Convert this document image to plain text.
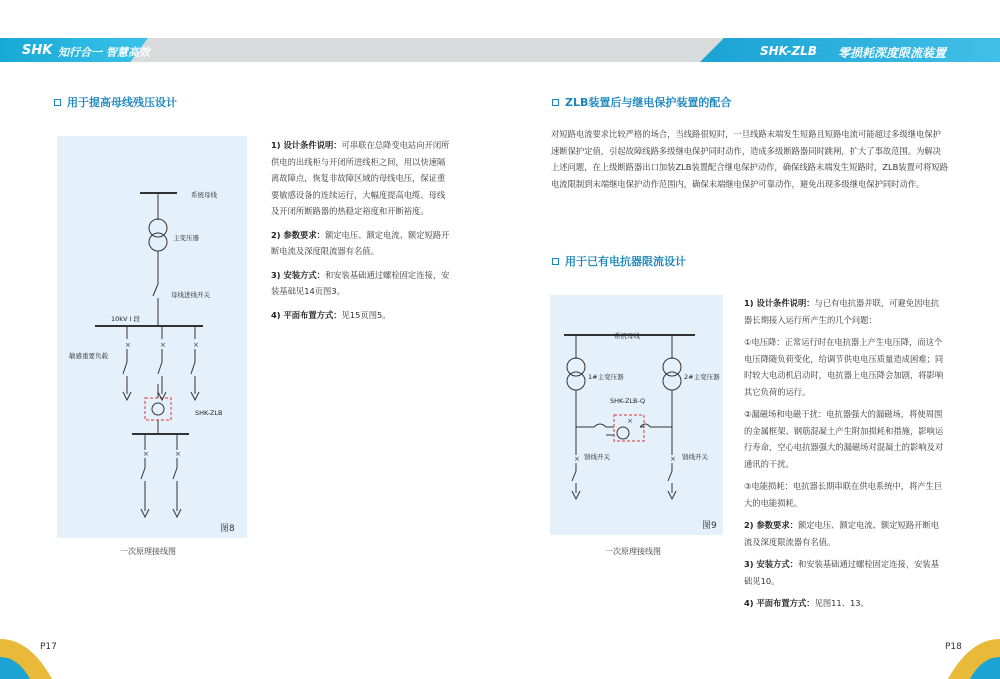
SHK 知行合一 智慧高效	SHK-ZLB 零损耗深度限流装置
用于提高母线残压设计
×	×	×
×	×
系统母线
主变压器
母线进线开关
10kV I 段
敏感重要负载
SHK-ZLB
图8
一次原理接线图
1) 设计条件说明：可串联在总降变电站向开闭所供电的出线柜与开闭所进线柜之间，用以快速隔离故障点，恢复非故障区域的母线电压，保证重要敏感设备的连续运行，大幅度提高电缆、母线及开闭所断路器的热稳定裕度和开断裕度。
2) 参数要求：额定电压、额定电流、额定短路开断电流及深度限流器有名值。
3) 安装方式：和安装基础通过螺栓固定连接，安装基础见14页图3。
4) 平面布置方式：见15页图5。
P17	P18
ZLB装置后与继电保护装置的配合
对短路电流要求比较严格的场合，当线路很短时，一旦线路末端发生短路且短路电流可能超过多级继电保护速断保护定值，引起故障线路多级继电保护同时动作，造成多级断路器同时跳闸，扩大了事故范围。为解决上述问题，在上级断路器出口加装ZLB装置配合继电保护动作，确保线路末端发生短路时，ZLB装置可将短路电流限制到末端继电保护动作范围内，确保末端继电保护可靠动作，避免出现多级继电保护同时动作。
用于已有电抗器限流设计
×	×
×
系统母线
1#主变压器	2#主变压器
SHK-ZLB-Q
馈线开关	馈线开关
图9
一次原理接线图
1) 设计条件说明：与已有电抗器并联，可避免因电抗器长期接入运行所产生的几个问题：
①电压降：正常运行时在电抗器上产生电压降，而这个电压降随负荷变化，给调节供电电压质量造成困难；同时较大电动机启动时，电抗器上电压降会加剧，将影响其它负荷的运行。
②漏磁场和电磁干扰：电抗器强大的漏磁场，将使周围的金属框架、钢筋混凝土产生附加损耗和措施，影响运行寿命，空心电抗器强大的漏磁场对混凝土的影响及对通讯的干扰。
③电能损耗：电抗器长期串联在供电系统中，将产生巨大的电能损耗。
2) 参数要求：额定电压、额定电流、额定短路开断电流及深度限流器有名值。
3) 安装方式：和安装基础通过螺栓固定连接，安装基础见10。
4) 平面布置方式：见图11、13。
